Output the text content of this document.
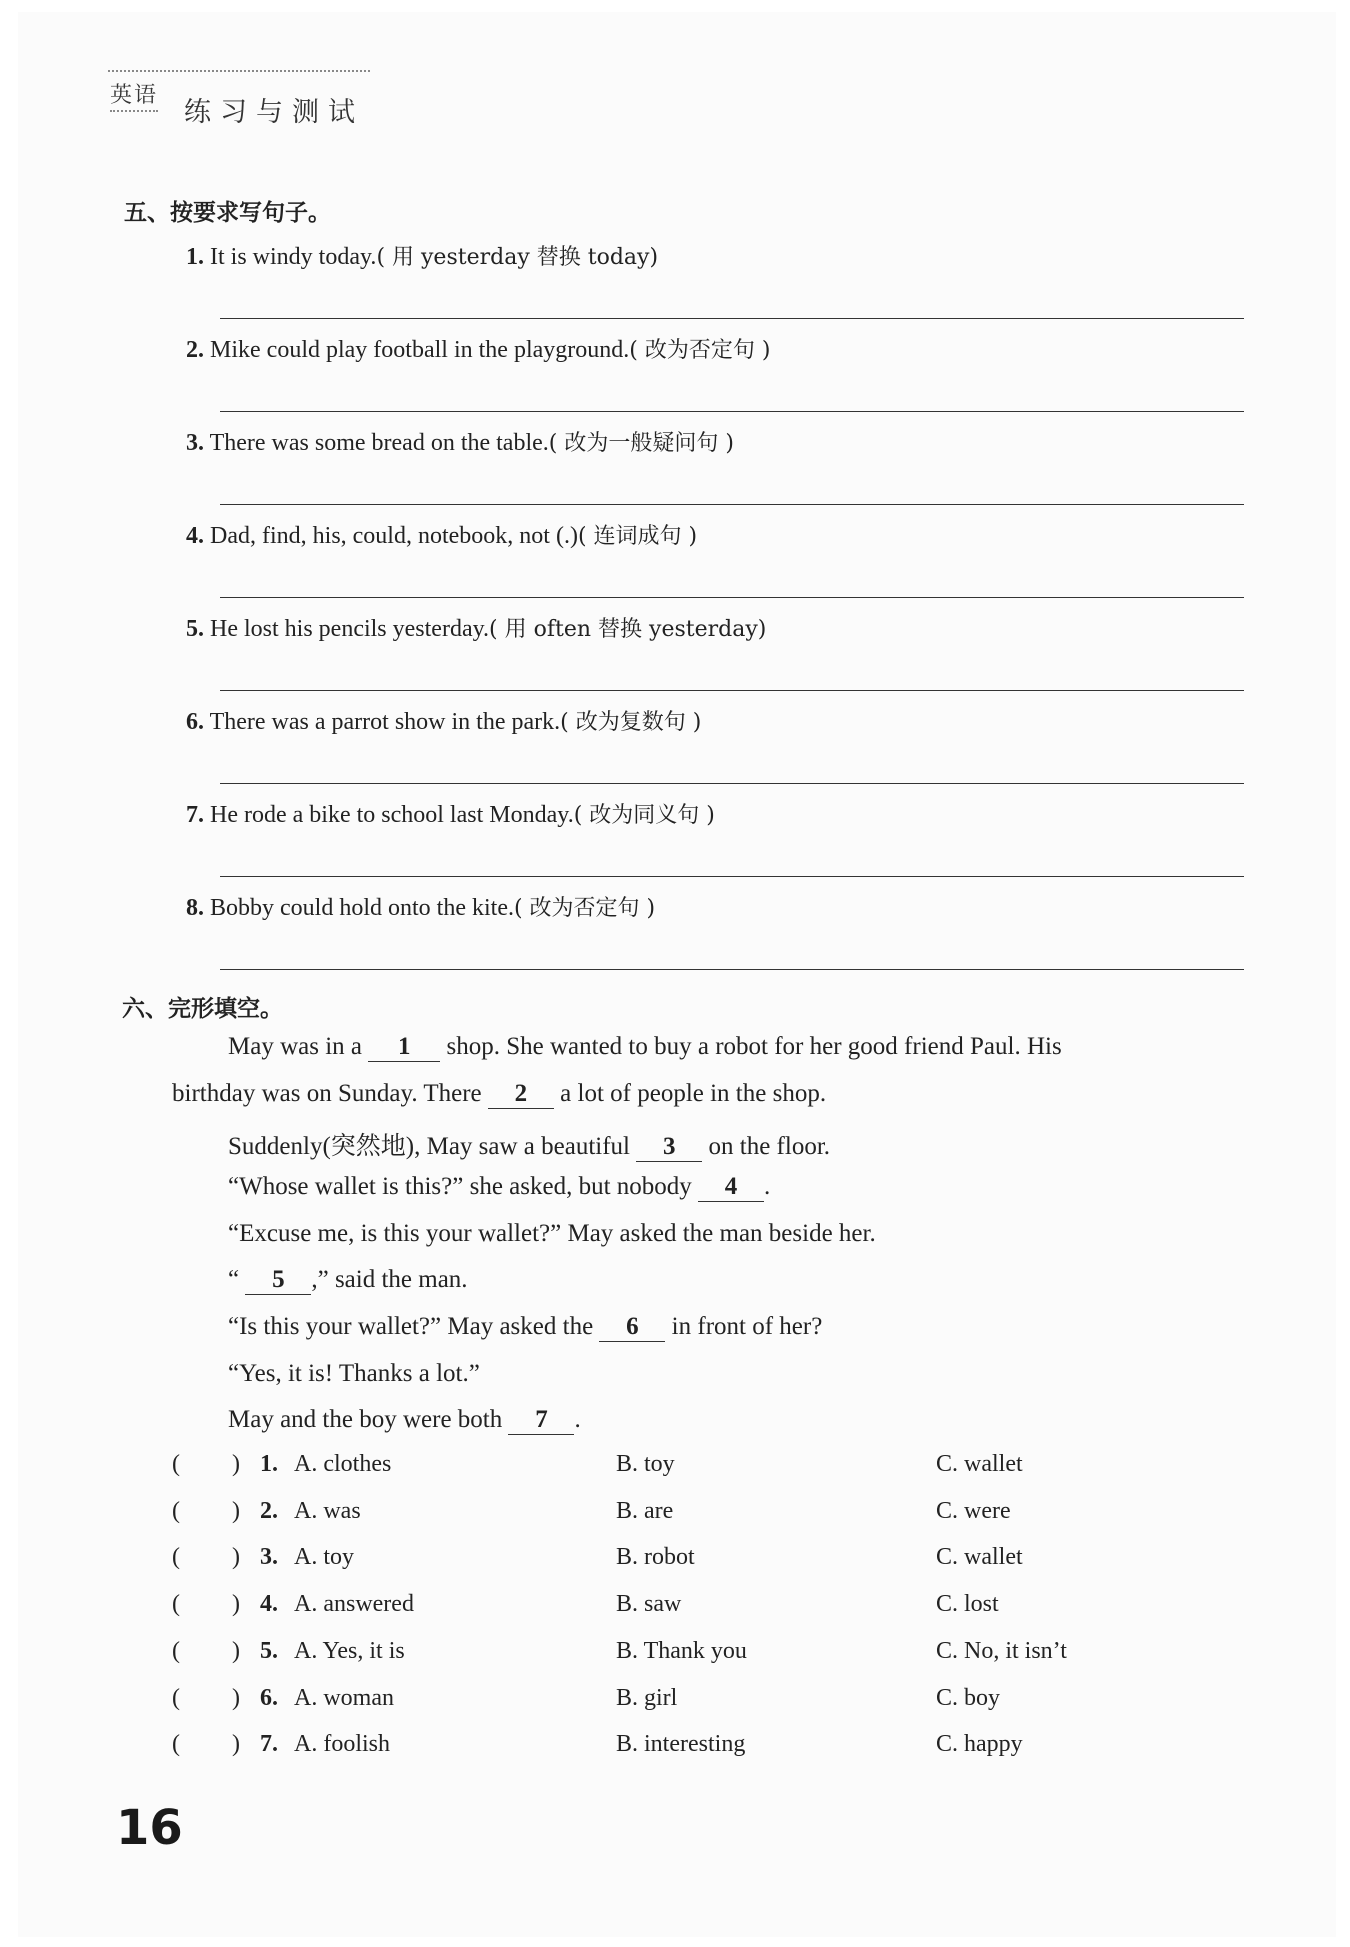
英语
练习与测试
五、按要求写句子。
1. It is windy today.( 用 yesterday 替换 today)
2. Mike could play football in the playground.( 改为否定句 )
3. There was some bread on the table.( 改为一般疑问句 )
4. Dad, find, his, could, notebook, not (.)( 连词成句 )
5. He lost his pencils yesterday.( 用 often 替换 yesterday)
6. There was a parrot show in the park.( 改为复数句 )
7. He rode a bike to school last Monday.( 改为同义句 )
8. Bobby could hold onto the kite.( 改为否定句 )
六、完形填空。
May was in a 1 shop. She wanted to buy a robot for her good friend Paul. His
birthday was on Sunday. There 2 a lot of people in the shop.
Suddenly(突然地), May saw a beautiful 3 on the floor.
“Whose wallet is this?” she asked, but nobody 4 .
“Excuse me, is this your wallet?” May asked the man beside her.
“ 5 ,” said the man.
“Is this your wallet?” May asked the 6 in front of her?
“Yes, it is! Thanks a lot.”
May and the boy were both 7 .
( ) 1. A. clothes	B. toy	C. wallet
( ) 2. A. was	B. are	C. were
( ) 3. A. toy	B. robot	C. wallet
( ) 4. A. answered	B. saw	C. lost
( ) 5. A. Yes, it is	B. Thank you	C. No, it isn’t
( ) 6. A. woman	B. girl	C. boy
( ) 7. A. foolish	B. interesting	C. happy
16
